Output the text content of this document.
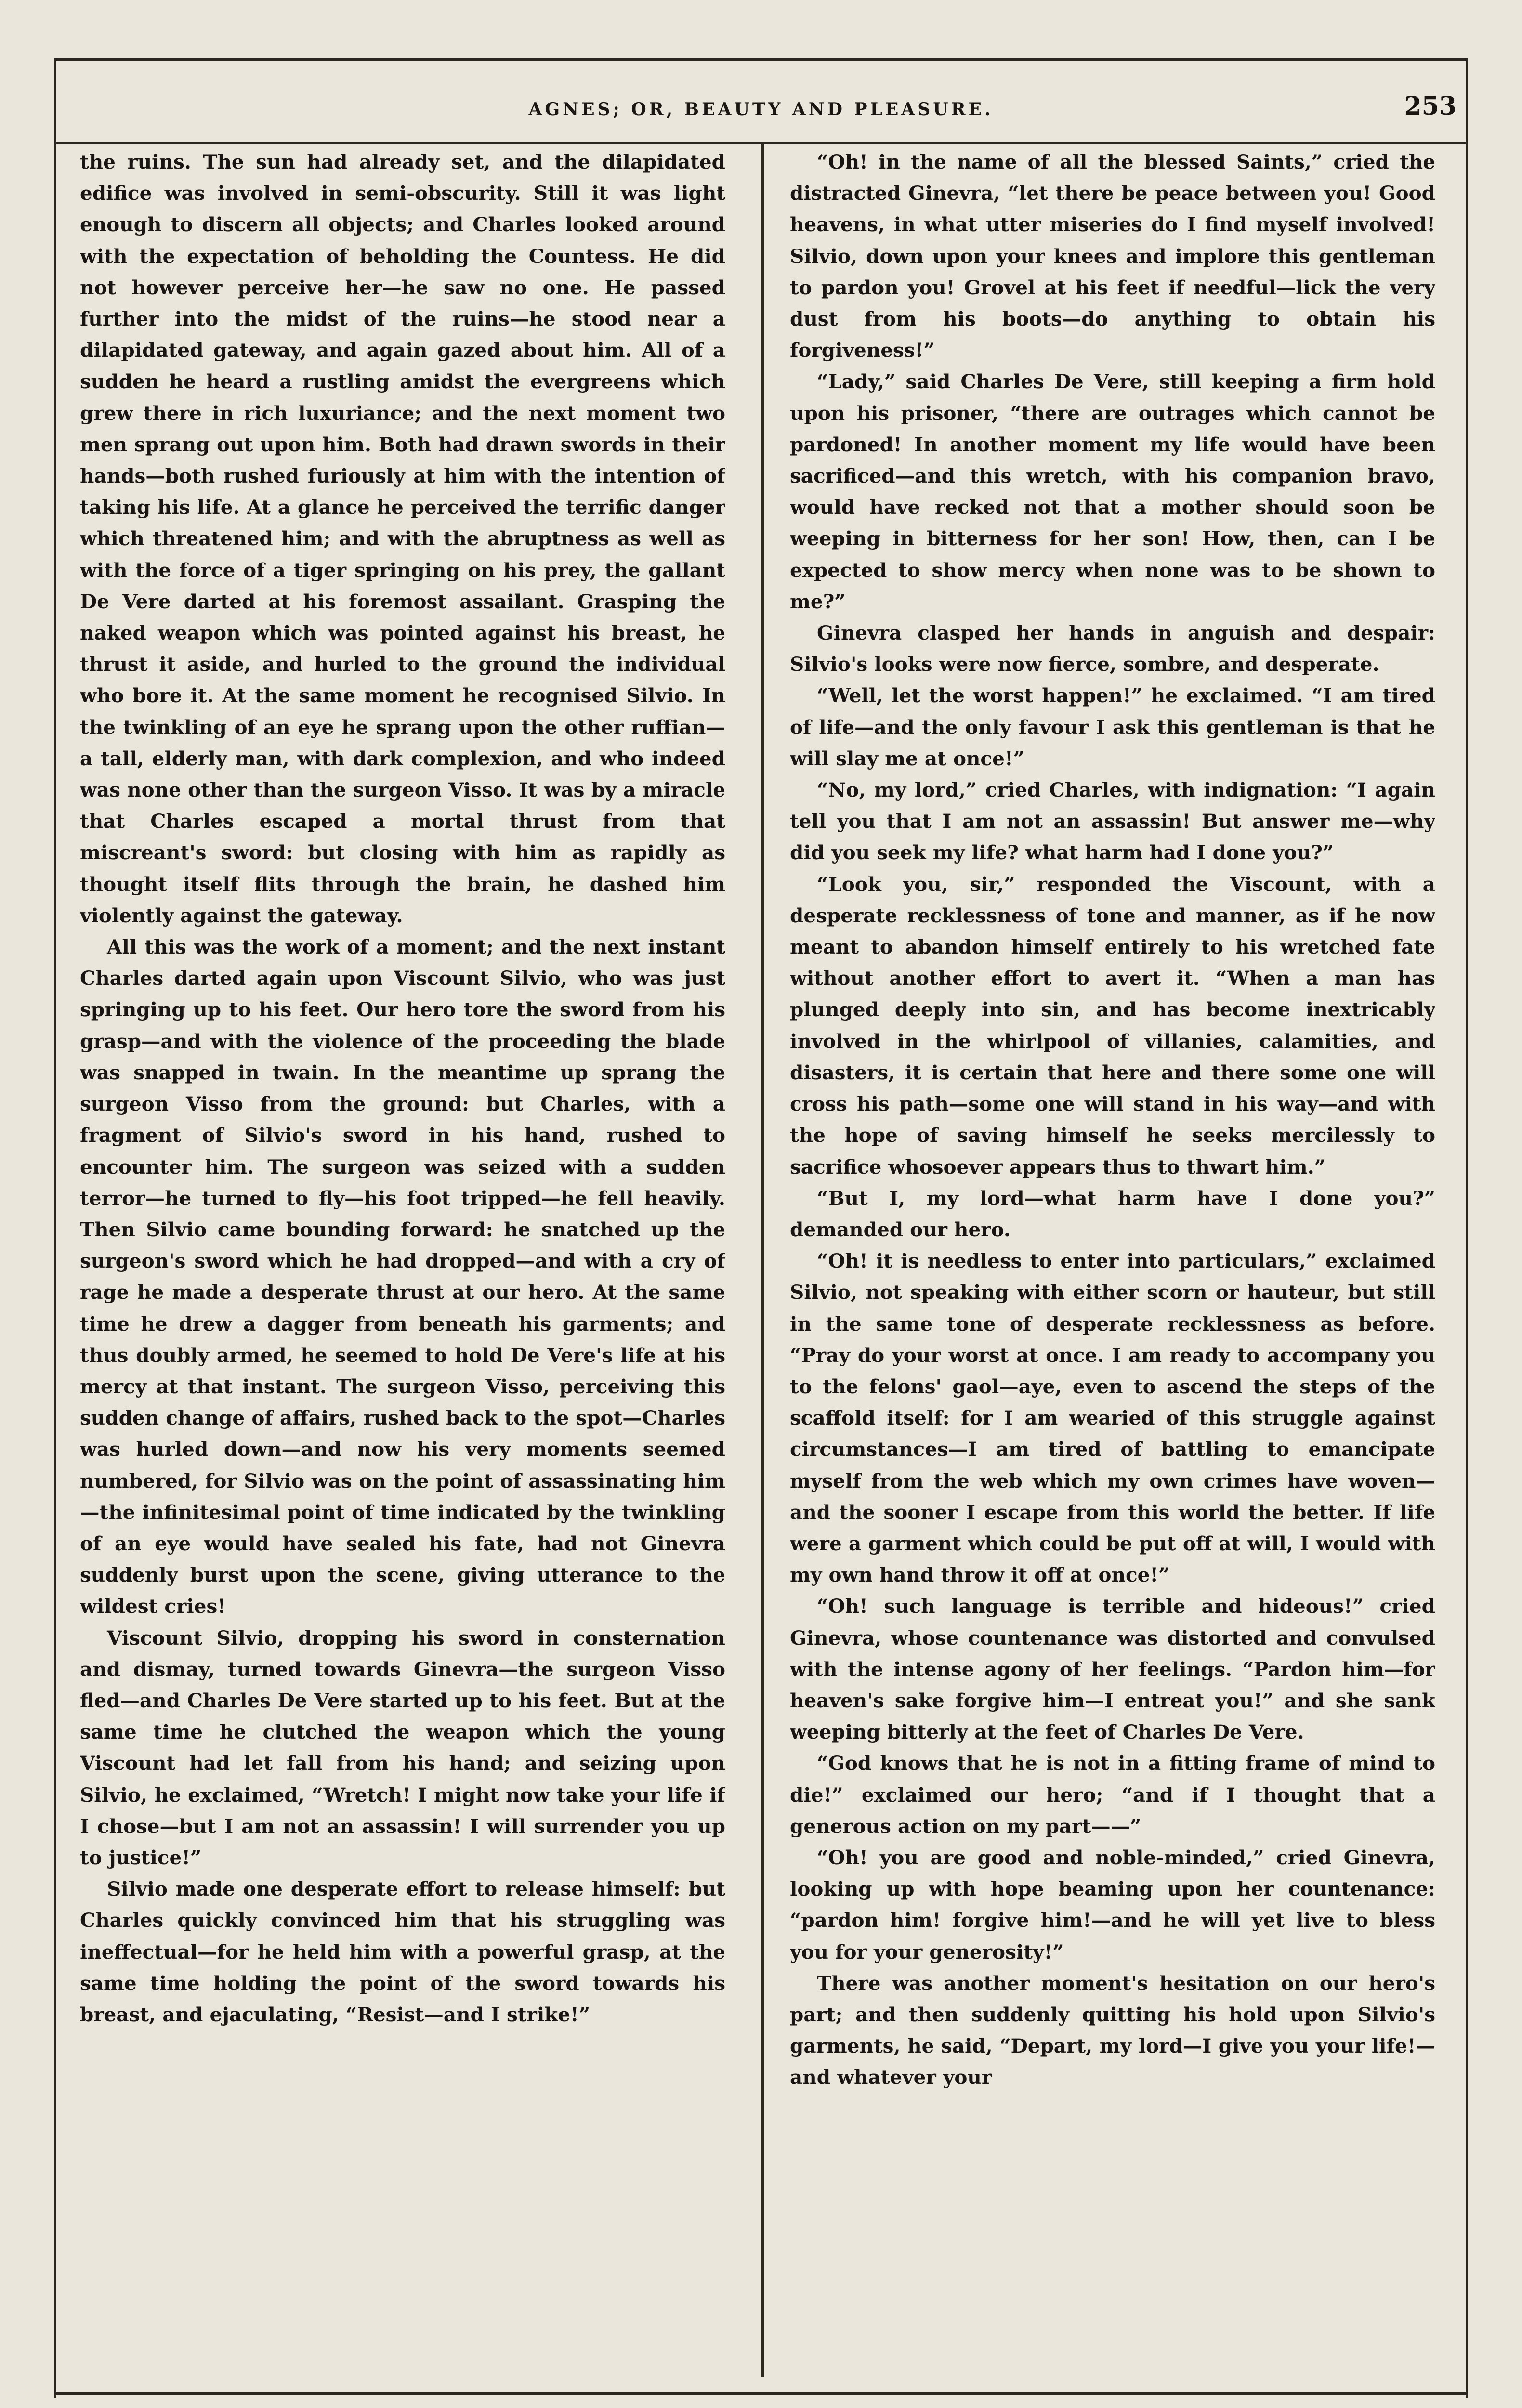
AGNES; OR, BEAUTY AND PLEASURE.	253

the ruins. The sun had already set, and the dilapidated edifice was involved in semi-obscurity. Still it was light enough to discern all objects; and Charles looked around with the expectation of beholding the Countess. He did not however perceive her—he saw no one. He passed further into the midst of the ruins—he stood near a dilapidated gateway, and again gazed about him. All of a sudden he heard a rustling amidst the evergreens which grew there in rich luxuriance; and the next moment two men sprang out upon him. Both had drawn swords in their hands—both rushed furiously at him with the intention of taking his life. At a glance he perceived the terrific danger which threatened him; and with the abruptness as well as with the force of a tiger springing on his prey, the gallant De Vere darted at his foremost assailant. Grasping the naked weapon which was pointed against his breast, he thrust it aside, and hurled to the ground the individual who bore it. At the same moment he recognised Silvio. In the twinkling of an eye he sprang upon the other ruffian—a tall, elderly man, with dark complexion, and who indeed was none other than the surgeon Visso. It was by a miracle that Charles escaped a mortal thrust from that miscreant's sword: but closing with him as rapidly as thought itself flits through the brain, he dashed him violently against the gateway.

All this was the work of a moment; and the next instant Charles darted again upon Viscount Silvio, who was just springing up to his feet. Our hero tore the sword from his grasp—and with the violence of the proceeding the blade was snapped in twain. In the meantime up sprang the surgeon Visso from the ground: but Charles, with a fragment of Silvio's sword in his hand, rushed to encounter him. The surgeon was seized with a sudden terror—he turned to fly—his foot tripped—he fell heavily. Then Silvio came bounding forward: he snatched up the surgeon's sword which he had dropped—and with a cry of rage he made a desperate thrust at our hero. At the same time he drew a dagger from beneath his garments; and thus doubly armed, he seemed to hold De Vere's life at his mercy at that instant. The surgeon Visso, perceiving this sudden change of affairs, rushed back to the spot—Charles was hurled down—and now his very moments seemed numbered, for Silvio was on the point of assassinating him—the infinitesimal point of time indicated by the twinkling of an eye would have sealed his fate, had not Ginevra suddenly burst upon the scene, giving utterance to the wildest cries!

Viscount Silvio, dropping his sword in consternation and dismay, turned towards Ginevra—the surgeon Visso fled—and Charles De Vere started up to his feet. But at the same time he clutched the weapon which the young Viscount had let fall from his hand; and seizing upon Silvio, he exclaimed, “Wretch! I might now take your life if I chose—but I am not an assassin! I will surrender you up to justice!”

Silvio made one desperate effort to release himself: but Charles quickly convinced him that his struggling was ineffectual—for he held him with a powerful grasp, at the same time holding the point of the sword towards his breast, and ejaculating, “Resist—and I strike!”

“Oh! in the name of all the blessed Saints,” cried the distracted Ginevra, “let there be peace between you! Good heavens, in what utter miseries do I find myself involved! Silvio, down upon your knees and implore this gentleman to pardon you! Grovel at his feet if needful—lick the very dust from his boots—do anything to obtain his forgiveness!”

“Lady,” said Charles De Vere, still keeping a firm hold upon his prisoner, “there are outrages which cannot be pardoned! In another moment my life would have been sacrificed—and this wretch, with his companion bravo, would have recked not that a mother should soon be weeping in bitterness for her son! How, then, can I be expected to show mercy when none was to be shown to me?”

Ginevra clasped her hands in anguish and despair: Silvio's looks were now fierce, sombre, and desperate.

“Well, let the worst happen!” he exclaimed. “I am tired of life—and the only favour I ask this gentleman is that he will slay me at once!”

“No, my lord,” cried Charles, with indignation: “I again tell you that I am not an assassin! But answer me—why did you seek my life? what harm had I done you?”

“Look you, sir,” responded the Viscount, with a desperate recklessness of tone and manner, as if he now meant to abandon himself entirely to his wretched fate without another effort to avert it. “When a man has plunged deeply into sin, and has become inextricably involved in the whirlpool of villanies, calamities, and disasters, it is certain that here and there some one will cross his path—some one will stand in his way—and with the hope of saving himself he seeks mercilessly to sacrifice whosoever appears thus to thwart him.”

“But I, my lord—what harm have I done you?” demanded our hero.

“Oh! it is needless to enter into particulars,” exclaimed Silvio, not speaking with either scorn or hauteur, but still in the same tone of desperate recklessness as before. “Pray do your worst at once. I am ready to accompany you to the felons' gaol—aye, even to ascend the steps of the scaffold itself: for I am wearied of this struggle against circumstances—I am tired of battling to emancipate myself from the web which my own crimes have woven—and the sooner I escape from this world the better. If life were a garment which could be put off at will, I would with my own hand throw it off at once!”

“Oh! such language is terrible and hideous!” cried Ginevra, whose countenance was distorted and convulsed with the intense agony of her feelings. “Pardon him—for heaven's sake forgive him—I entreat you!” and she sank weeping bitterly at the feet of Charles De Vere.

“God knows that he is not in a fitting frame of mind to die!” exclaimed our hero; “and if I thought that a generous action on my part——”

“Oh! you are good and noble-minded,” cried Ginevra, looking up with hope beaming upon her countenance: “pardon him! forgive him!—and he will yet live to bless you for your generosity!”

There was another moment's hesitation on our hero's part; and then suddenly quitting his hold upon Silvio's garments, he said, “Depart, my lord—I give you your life!—and whatever your
